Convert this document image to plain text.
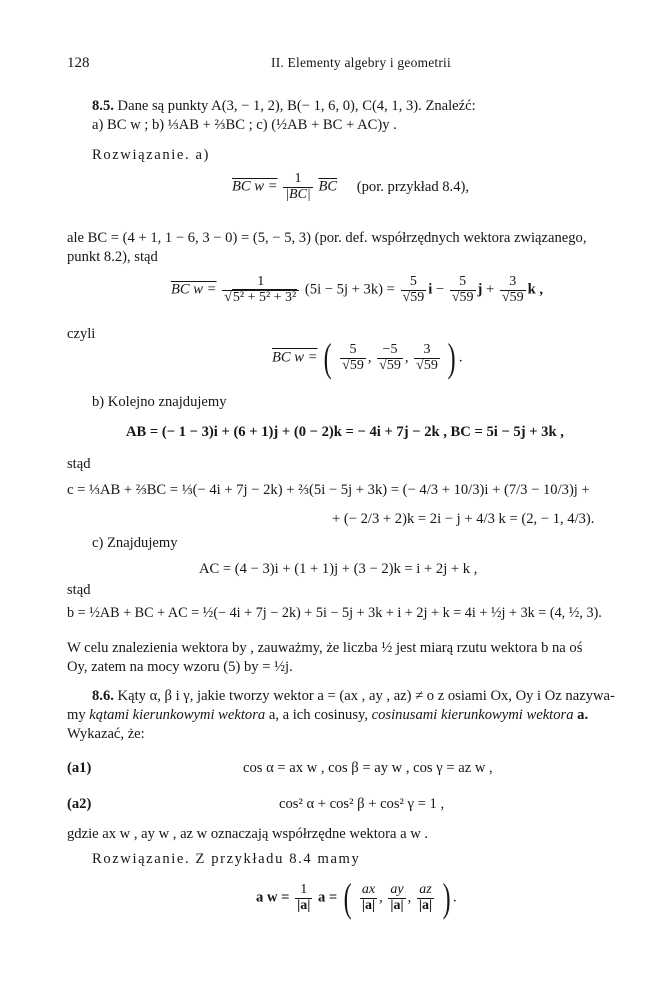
128	II. Elementy algebry i geometrii
8.5. Dane są punkty A(3, − 1, 2), B(− 1, 6, 0), C(4, 1, 3). Znaleźć:
a) BC w ; b) ⅓AB + ⅔BC ; c) (½AB + BC + AC)y .
Rozwiązanie. a)
BC $w = \frac{1}{|BC|} \overline{BC}$ (por. przykład 8.4),
ale BC = (4 + 1, 1 − 6, 3 − 0) = (5, − 5, 3) (por. def. współrzędnych wektora związanego,
punkt 8.2), stąd
BC $w = \frac{1}{\text{√5² + 5² + 3²}} (5i - 5j + 3k) = \frac{5}{√59}$ $i - \frac{5}{√59}$ $j + \frac{3}{√59}$ k ,
czyli
BC w = ( $\frac{5}{√59}$ , $\frac{-5}{√59}$ , $\frac{3}{√59}$ ) .
b) Kolejno znajdujemy
AB = (− 1 − 3)i + (6 + 1)j + (0 − 2)k = − 4i + 7j − 2k , BC = 5i − 5j + 3k ,
stąd
c = ⅓AB + ⅔BC = ⅓(− 4i + 7j − 2k) + ⅔(5i − 5j + 3k) = (− 4/3 + 10/3)i + (7/3 − 10/3)j +
+ (− 2/3 + 2)k = 2i − j + 4/3 k = (2, − 1, 4/3).
c) Znajdujemy
AC = (4 − 3)i + (1 + 1)j + (3 − 2)k = i + 2j + k ,
stąd
b = ½AB + BC + AC = ½(− 4i + 7j − 2k) + 5i − 5j + 3k + i + 2j + k = 4i + ½j + 3k = (4, ½, 3).
W celu znalezienia wektora by , zauważmy, że liczba ½ jest miarą rzutu wektora b na oś
Oy, zatem na mocy wzoru (5) by = ½j.
8.6. Kąty α, β i γ, jakie tworzy wektor a = (ax , ay , az) ≠ o z osiami Ox, Oy i Oz nazywa-
my kątami kierunkowymi wektora a, a ich cosinusy, cosinusami kierunkowymi wektora a.
Wykazać, że:
(a1)	cos α = ax w , cos β = ay w , cos γ = az w ,
(a2)	cos² α + cos² β + cos² γ = 1 ,
gdzie ax w , ay w , az w oznaczają współrzędne wektora a w .
Rozwiązanie. Z przykładu 8.4 mamy
a $w = \frac{1}{|a|}$ a = ( $\frac{ax}{|a|}$ , $\frac{ay}{|a|}$ , $\frac{az}{|a|}$ ) .
